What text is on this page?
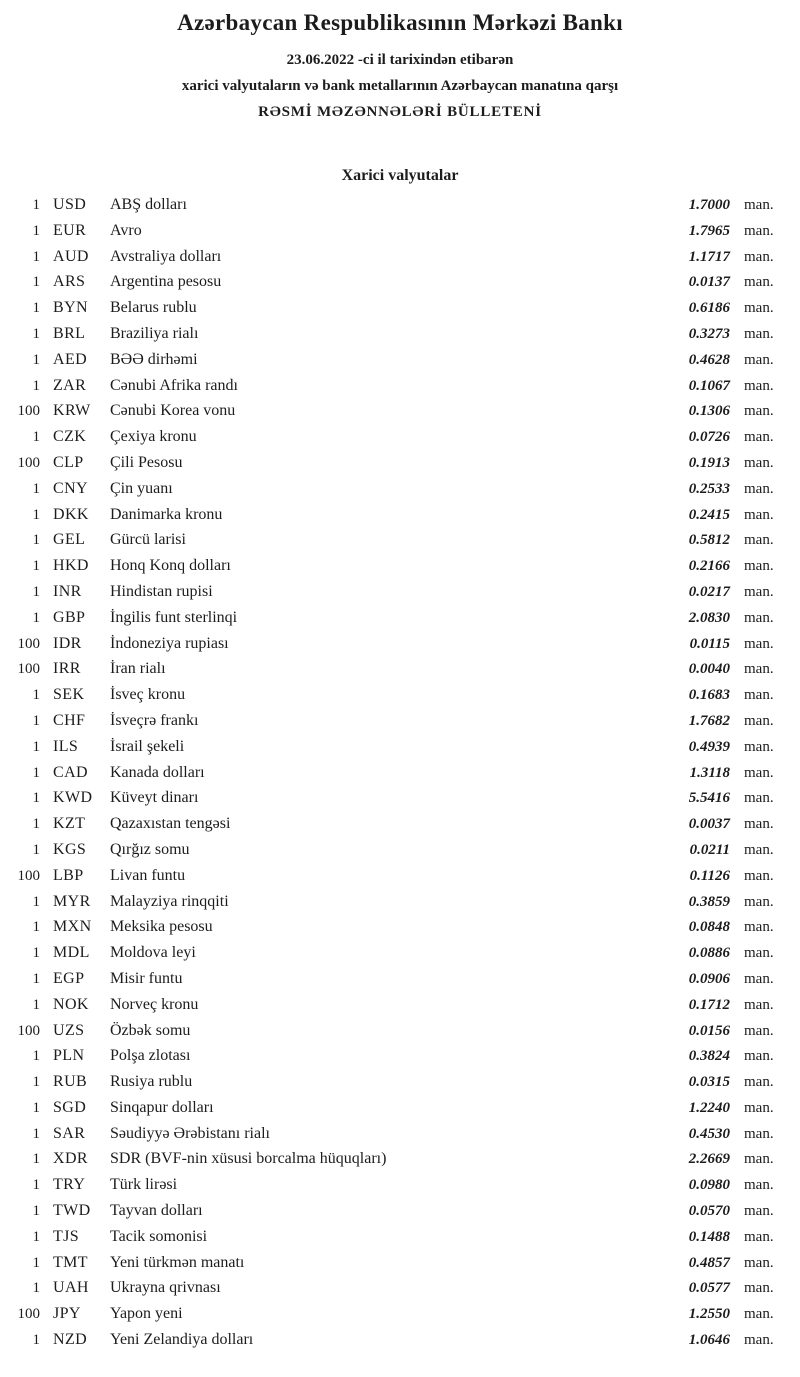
Azərbaycan Respublikasının Mərkəzi Bankı
23.06.2022 -ci il tarixindən etibarən
xarici valyutaların və bank metallarının Azərbaycan manatına qarşı
RƏSMİ MƏZƏNNƏLƏRİ BÜLLETENİ
Xarici valyutalar
1 USD	ABŞ dolları	1.7000 man.
1 EUR	Avro	1.7965 man.
1 AUD	Avstraliya dolları	1.1717 man.
1 ARS	Argentina pesosu	0.0137 man.
1 BYN	Belarus rublu	0.6186 man.
1 BRL	Braziliya rialı	0.3273 man.
1 AED	BƏƏ dirhəmi	0.4628 man.
1 ZAR	Cənubi Afrika randı	0.1067 man.
100 KRW	Cənubi Korea vonu	0.1306 man.
1 CZK	Çexiya kronu	0.0726 man.
100 CLP	Çili Pesosu	0.1913 man.
1 CNY	Çin yuanı	0.2533 man.
1 DKK	Danimarka kronu	0.2415 man.
1 GEL	Gürcü larisi	0.5812 man.
1 HKD	Honq Konq dolları	0.2166 man.
1 INR	Hindistan rupisi	0.0217 man.
1 GBP	İngilis funt sterlinqi	2.0830 man.
100 IDR	İndoneziya rupiası	0.0115 man.
100 IRR	İran rialı	0.0040 man.
1 SEK	İsveç kronu	0.1683 man.
1 CHF	İsveçrə frankı	1.7682 man.
1 ILS	İsrail şekeli	0.4939 man.
1 CAD	Kanada dolları	1.3118 man.
1 KWD	Küveyt dinarı	5.5416 man.
1 KZT	Qazaxıstan tengəsi	0.0037 man.
1 KGS	Qırğız somu	0.0211 man.
100 LBP	Livan funtu	0.1126 man.
1 MYR	Malayziya rinqqiti	0.3859 man.
1 MXN	Meksika pesosu	0.0848 man.
1 MDL	Moldova leyi	0.0886 man.
1 EGP	Misir funtu	0.0906 man.
1 NOK	Norveç kronu	0.1712 man.
100 UZS	Özbək somu	0.0156 man.
1 PLN	Polşa zlotası	0.3824 man.
1 RUB	Rusiya rublu	0.0315 man.
1 SGD	Sinqapur dolları	1.2240 man.
1 SAR	Səudiyyə Ərəbistanı rialı	0.4530 man.
1 XDR	SDR (BVF-nin xüsusi borcalma hüquqları)	2.2669 man.
1 TRY	Türk lirəsi	0.0980 man.
1 TWD	Tayvan dolları	0.0570 man.
1 TJS	Tacik somonisi	0.1488 man.
1 TMT	Yeni türkmən manatı	0.4857 man.
1 UAH	Ukrayna qrivnası	0.0577 man.
100 JPY	Yapon yeni	1.2550 man.
1 NZD	Yeni Zelandiya dolları	1.0646 man.
